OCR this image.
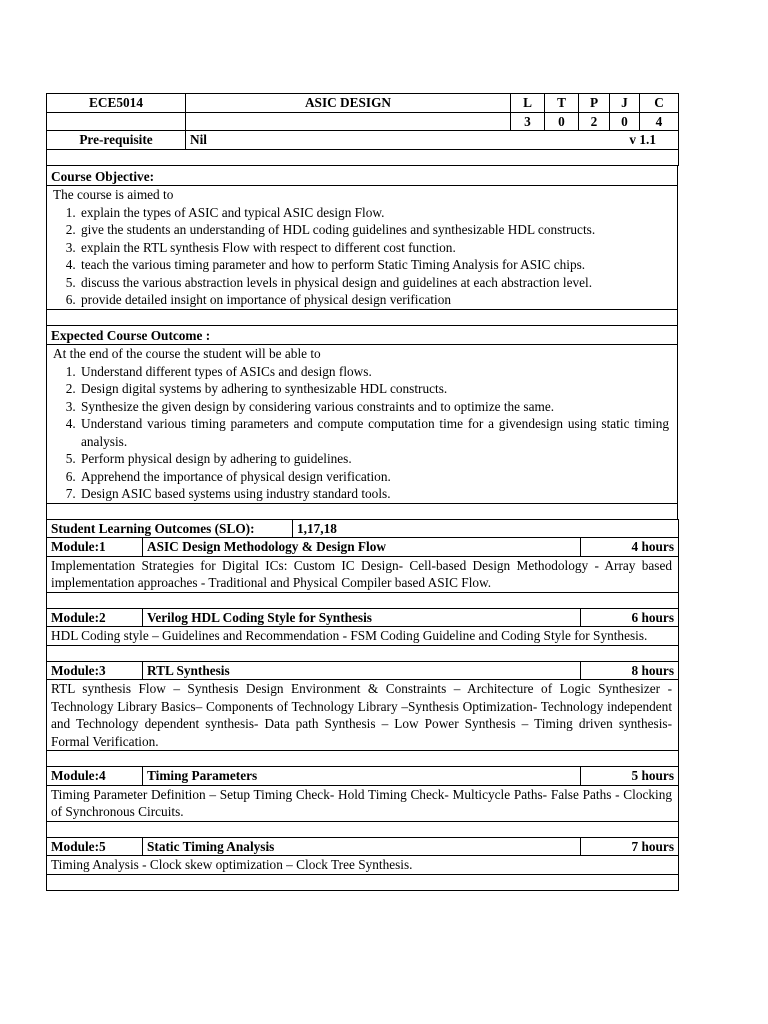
ECE5014	ASIC DESIGN	L	T	P	J	C
		3	0	2	0	4
Pre-requisite	Nil v 1.1					

Course Objective:

The course is aimed to
1. explain the types of ASIC and typical ASIC design Flow.
2. give the students an understanding of HDL coding guidelines and synthesizable HDL constructs.
3. explain the RTL synthesis Flow with respect to different cost function.
4. teach the various timing parameter and how to perform Static Timing Analysis for ASIC chips.
5. discuss the various abstraction levels in physical design and guidelines at each abstraction level.
6. provide detailed insight on importance of physical design verification

Expected Course Outcome :

At the end of the course the student will be able to
1. Understand different types of ASICs and design flows.
2. Design digital systems by adhering to synthesizable HDL constructs.
3. Synthesize the given design by considering various constraints and to optimize the same.
4. Understand various timing parameters and compute computation time for a givendesign using static timing analysis.
5. Perform physical design by adhering to guidelines.
6. Apprehend the importance of physical design verification.
7. Design ASIC based systems using industry standard tools.

Student Learning Outcomes (SLO):		1,17,18	
Module:1	ASIC Design Methodology & Design Flow		4 hours
Implementation Strategies for Digital ICs: Custom IC Design- Cell-based Design Methodology - Array based implementation approaches - Traditional and Physical Compiler based ASIC Flow.			

Module:2	Verilog HDL Coding Style for Synthesis		6 hours
HDL Coding style – Guidelines and Recommendation - FSM Coding Guideline and Coding Style for Synthesis.			

Module:3	RTL Synthesis		8 hours
RTL synthesis Flow – Synthesis Design Environment & Constraints – Architecture of Logic Synthesizer - Technology Library Basics– Components of Technology Library –Synthesis Optimization- Technology independent and Technology dependent synthesis- Data path Synthesis – Low Power Synthesis – Timing driven synthesis- Formal Verification.			

Module:4	Timing Parameters		5 hours
Timing Parameter Definition – Setup Timing Check- Hold Timing Check- Multicycle Paths- False Paths - Clocking of Synchronous Circuits.			

Module:5	Static Timing Analysis		7 hours
Timing Analysis - Clock skew optimization – Clock Tree Synthesis.			
